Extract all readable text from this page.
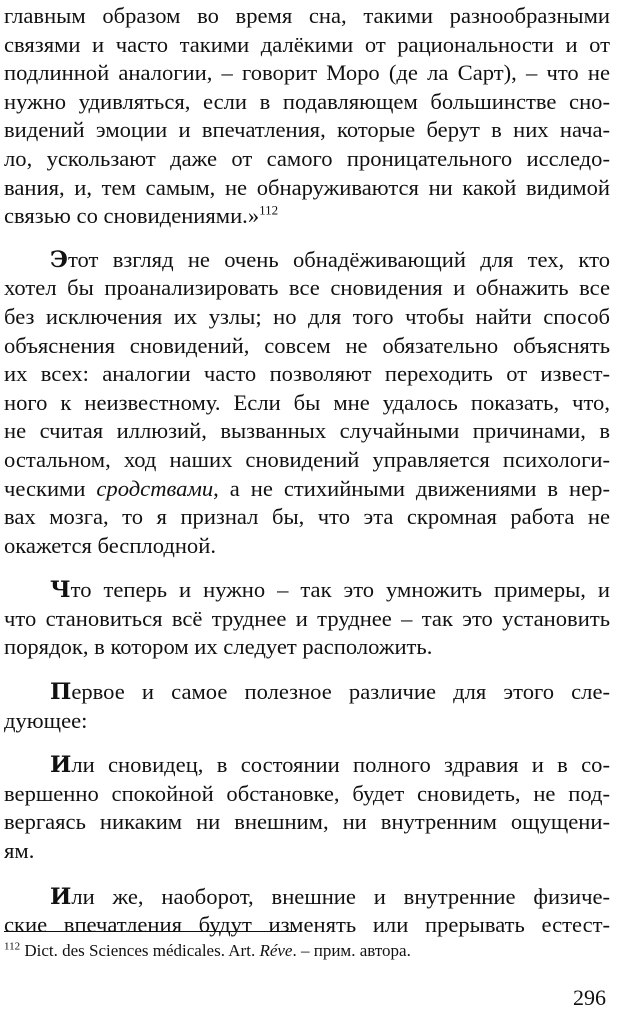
главным образом во время сна, такими разнообразными
связями и часто такими далёкими от рациональности и от
подлинной аналогии, – говорит Моро (де ла Сарт), – что не
нужно удивляться, если в подавляющем большинстве сно-
видений эмоции и впечатления, которые берут в них нача-
ло, ускользают даже от самого проницательного исследо-
вания, и, тем самым, не обнаруживаются ни какой видимой
связью со сновидениями.»$^{112}$

Этот взгляд не очень обнадёживающий для тех, кто
хотел бы проанализировать все сновидения и обнажить все
без исключения их узлы; но для того чтобы найти способ
объяснения сновидений, совсем не обязательно объяснять
их всех: аналогии часто позволяют переходить от извест-
ного к неизвестному. Если бы мне удалось показать, что,
не считая иллюзий, вызванных случайными причинами, в
остальном, ход наших сновидений управляется психологи-
ческими сродствами, а не стихийными движениями в нер-
вах мозга, то я признал бы, что эта скромная работа не
окажется бесплодной.

Что теперь и нужно – так это умножить примеры, и
что становиться всё труднее и труднее – так это установить
порядок, в котором их следует расположить.

Первое и самое полезное различие для этого сле-
дующее:

Или сновидец, в состоянии полного здравия и в со-
вершенно спокойной обстановке, будет сновидеть, не под-
вергаясь никаким ни внешним, ни внутренним ощущени-
ям.

Или же, наоборот, внешние и внутренние физиче-
ские впечатления будут изменять или прерывать естест-

$^{112}$ Dict. des Sciences médicales. Art. Réve. – прим. автора.
296
